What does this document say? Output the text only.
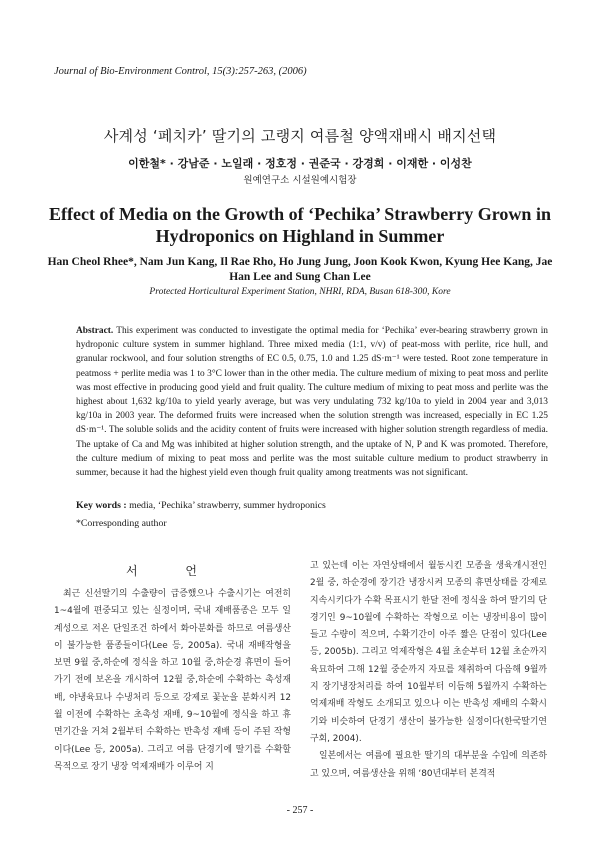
Journal of Bio-Environment Control, 15(3):257-263, (2006)
사계성 ‘페치카’ 딸기의 고랭지 여름철 양액재배시 배지선택
이한철* · 강남준 · 노일래 · 정호정 · 권준국 · 강경희 · 이재한 · 이성찬
원예연구소 시설원예시험장
Effect of Media on the Growth of ‘Pechika’ Strawberry Grown in Hydroponics on Highland in Summer
Han Cheol Rhee*, Nam Jun Kang, Il Rae Rho, Ho Jung Jung, Joon Kook Kwon, Kyung Hee Kang, Jae Han Lee and Sung Chan Lee
Protected Horticultural Experiment Station, NHRI, RDA, Busan 618-300, Kore
Abstract. This experiment was conducted to investigate the optimal media for ‘Pechika’ ever-bearing strawberry grown in hydroponic culture system in summer highland. Three mixed media (1:1, v/v) of peat-moss with perlite, rice hull, and granular rockwool, and four solution strengths of EC 0.5, 0.75, 1.0 and 1.25 dS·m⁻¹ were tested. Root zone temperature in peatmoss + perlite media was 1 to 3°C lower than in the other media. The culture medium of mixing to peat moss and perlite was most effective in producing good yield and fruit quality. The culture medium of mixing to peat moss and perlite was the highest about 1,632 kg/10a to yield yearly average, but was very undulating 732 kg/10a to yield in 2004 year and 3,013 kg/10a in 2003 year. The deformed fruits were increased when the solution strength was increased, especially in EC 1.25 dS·m⁻¹. The soluble solids and the acidity content of fruits were increased with higher solution strength regardless of media. The uptake of Ca and Mg was inhibited at higher solution strength, and the uptake of N, P and K was promoted. Therefore, the culture medium of mixing to peat moss and perlite was the most suitable culture medium to product strawberry in summer, because it had the highest yield even though fruit quality among treatments was not significant.
Key words : media, ‘Pechika’ strawberry, summer hydroponics
*Corresponding author
서 언

최근 신선딸기의 수출량이 급증했으나 수출시기는 여전히 1~4월에 편중되고 있는 실정이며, 국내 재배품종은 모두 일계성으로 저온 단일조건 하에서 화아분화를 하므로 여름생산이 불가능한 품종들이다(Lee 등, 2005a). 국내 재배작형을 보면 9월 중,하순에 정식을 하고 10월 중,하순경 휴면이 들어가기 전에 보온을 개시하여 12월 중,하순에 수확하는 촉성재배, 야냉육묘나 수냉처리 등으로 강제로 꽃눈을 분화시켜 12월 이전에 수확하는 초촉성 재배, 9~10월에 정식을 하고 휴면기간을 거쳐 2월부터 수확하는 반촉성 재배 등이 주된 작형이다(Lee 등, 2005a). 그리고 여름 단경기에 딸기를 수확할 목적으로 장기 냉장 억제재배가 이루어 지

고 있는데 이는 자연상태에서 월동시킨 모종을 생육개시전인 2월 중, 하순경에 장기간 냉장시켜 모종의 휴면상태를 강제로 지속시키다가 수확 목표시기 한달 전에 정식을 하여 딸기의 단경기인 9~10월에 수확하는 작형으로 이는 냉장비용이 많이 들고 수량이 적으며, 수확기간이 아주 짧은 단점이 있다(Lee 등, 2005b). 그리고 억제작형은 4월 초순부터 12월 초순까지 육묘하여 그해 12월 중순까지 자묘를 채취하여 다음해 9월까지 장기냉장처리를 하여 10월부터 이듬해 5월까지 수확하는 억제재배 작형도 소개되고 있으나 이는 반촉성 재배의 수확시기와 비슷하여 단경기 생산이 불가능한 실정이다(한국딸기연구회, 2004).

일본에서는 여름에 필요한 딸기의 대부분을 수입에 의존하고 있으며, 여름생산을 위해 ‘80년대부터 본격적

- 257 -
